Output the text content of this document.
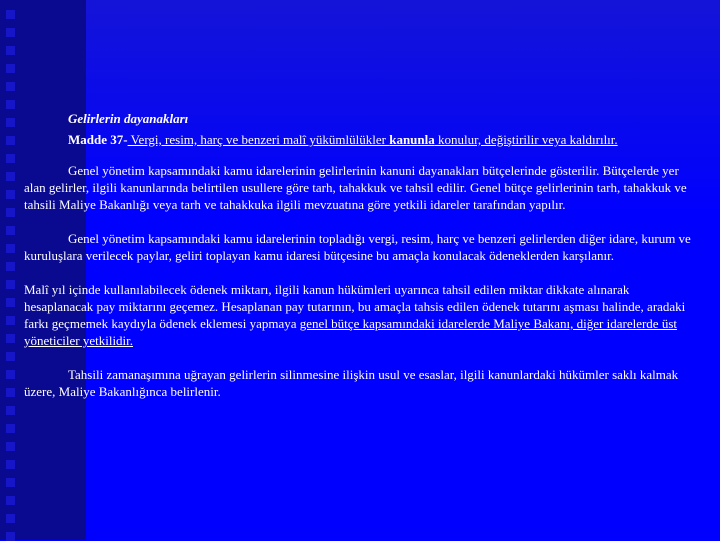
Gelirlerin dayanakları
Madde 37- Vergi, resim, harç ve benzeri malî yükümlülükler kanunla konulur, değiştirilir veya kaldırılır.

Genel yönetim kapsamındaki kamu idarelerinin gelirlerinin kanuni dayanakları bütçelerinde gösterilir. Bütçelerde yer alan gelirler, ilgili kanunlarında belirtilen usullere göre tarh, tahakkuk ve tahsil edilir. Genel bütçe gelirlerinin tarh, tahakkuk ve tahsili Maliye Bakanlığı veya tarh ve tahakkuka ilgili mevzuatına göre yetkili idareler tarafından yapılır.

Genel yönetim kapsamındaki kamu idarelerinin topladığı vergi, resim, harç ve benzeri gelirlerden diğer idare, kurum ve kuruluşlara verilecek paylar, geliri toplayan kamu idaresi bütçesine bu amaçla konulacak ödeneklerden karşılanır.

Malî yıl içinde kullanılabilecek ödenek miktarı, ilgili kanun hükümleri uyarınca tahsil edilen miktar dikkate alınarak hesaplanacak pay miktarını geçemez. Hesaplanan pay tutarının, bu amaçla tahsis edilen ödenek tutarını aşması halinde, aradaki farkı geçmemek kaydıyla ödenek eklemesi yapmaya genel bütçe kapsamındaki idarelerde Maliye Bakanı, diğer idarelerde üst yöneticiler yetkilidir.

Tahsili zamanaşımına uğrayan gelirlerin silinmesine ilişkin usul ve esaslar, ilgili kanunlardaki hükümler saklı kalmak üzere, Maliye Bakanlığınca belirlenir.
